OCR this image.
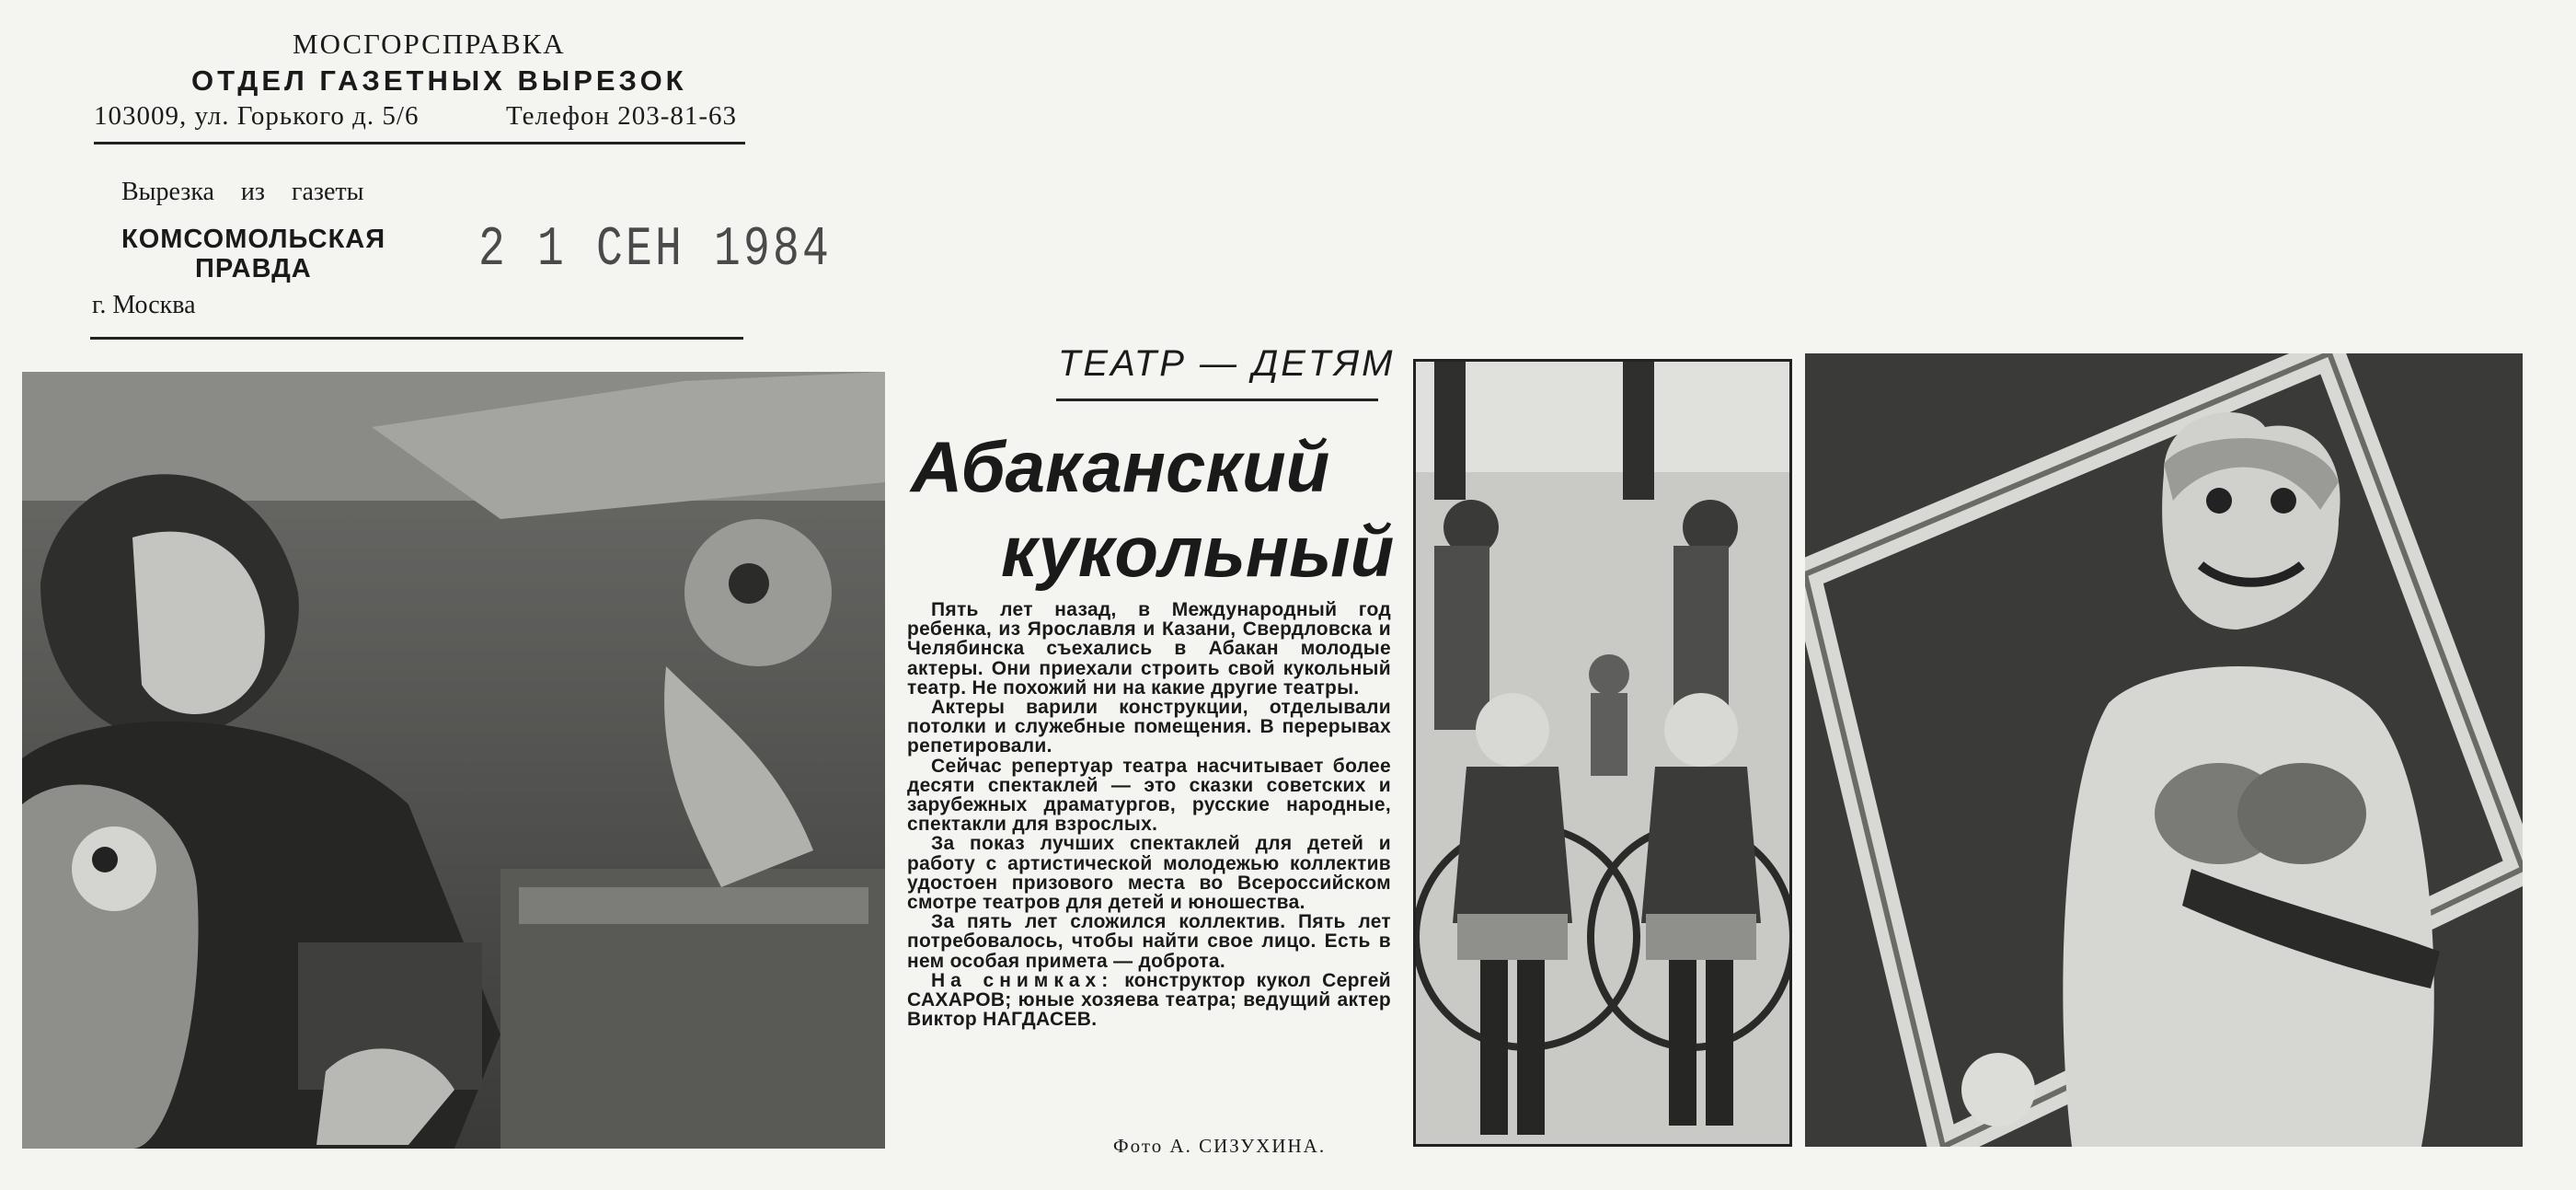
МОСГОРСПРАВКА
ОТДЕЛ ГАЗЕТНЫХ ВЫРЕЗОК
103009, ул. Горького д. 5/6	Телефон 203-81-63
Вырезка из газеты
КОМСОМОЛЬСКАЯ
ПРАВДА	2 1 СЕН 1984
г. Москва
ТЕАТР — ДЕТЯМ
Абаканский
кукольный

Пять лет назад, в Международный год ребенка, из Ярославля и Казани, Свердловска и Челябинска съехались в Абакан молодые актеры. Они приехали строить свой кукольный театр. Не похожий ни на какие другие театры.

Актеры варили конструкции, отделывали потолки и служебные помещения. В перерывах репетировали.

Сейчас репертуар театра насчитывает более десяти спектаклей — это сказки советских и зарубежных драматургов, русские народные, спектакли для взрослых.

За показ лучших спектаклей для детей и работу с артистической молодежью коллектив удостоен призового места во Всероссийском смотре театров для детей и юношества.

За пять лет сложился коллектив. Пять лет потребовалось, чтобы найти свое лицо. Есть в нем особая примета — доброта.

На снимках: конструктор кукол Сергей САХАРОВ; юные хозяева театра; ведущий актер Виктор НАГДАСЕВ.

Фото А. СИЗУХИНА.
